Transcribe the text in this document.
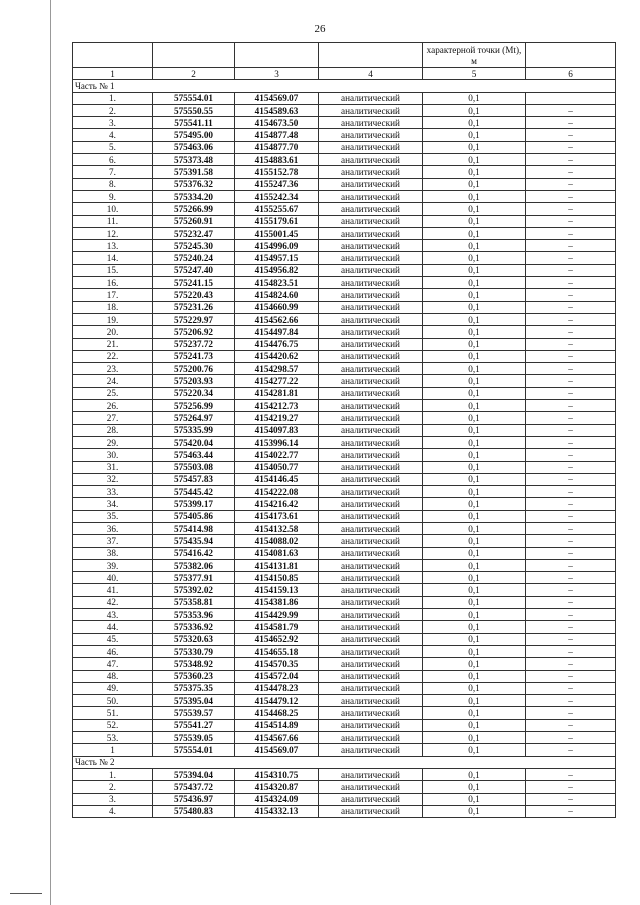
26
				характерной точки (Mt), м	
1	2	3	4	5	6
Часть № 1					
1.	575554.01	4154569.07	аналитический	0,1	
2.	575550.55	4154589.63	аналитический	0,1	–
3.	575541.11	4154673.50	аналитический	0,1	–
4.	575495.00	4154877.48	аналитический	0,1	–
5.	575463.06	4154877.70	аналитический	0,1	–
6.	575373.48	4154883.61	аналитический	0,1	–
7.	575391.58	4155152.78	аналитический	0,1	–
8.	575376.32	4155247.36	аналитический	0,1	–
9.	575334.20	4155242.34	аналитический	0,1	–
10.	575266.99	4155255.67	аналитический	0,1	–
11.	575260.91	4155179.61	аналитический	0,1	–
12.	575232.47	4155001.45	аналитический	0,1	–
13.	575245.30	4154996.09	аналитический	0,1	–
14.	575240.24	4154957.15	аналитический	0,1	–
15.	575247.40	4154956.82	аналитический	0,1	–
16.	575241.15	4154823.51	аналитический	0,1	–
17.	575220.43	4154824.60	аналитический	0,1	–
18.	575231.26	4154660.99	аналитический	0,1	–
19.	575229.97	4154562.66	аналитический	0,1	–
20.	575206.92	4154497.84	аналитический	0,1	–
21.	575237.72	4154476.75	аналитический	0,1	–
22.	575241.73	4154420.62	аналитический	0,1	–
23.	575200.76	4154298.57	аналитический	0,1	–
24.	575203.93	4154277.22	аналитический	0,1	–
25.	575220.34	4154281.81	аналитический	0,1	–
26.	575256.99	4154212.73	аналитический	0,1	–
27.	575264.97	4154219.27	аналитический	0,1	–
28.	575335.99	4154097.83	аналитический	0,1	–
29.	575420.04	4153996.14	аналитический	0,1	–
30.	575463.44	4154022.77	аналитический	0,1	–
31.	575503.08	4154050.77	аналитический	0,1	–
32.	575457.83	4154146.45	аналитический	0,1	–
33.	575445.42	4154222.08	аналитический	0,1	–
34.	575399.17	4154216.42	аналитический	0,1	–
35.	575405.86	4154173.61	аналитический	0,1	–
36.	575414.98	4154132.58	аналитический	0,1	–
37.	575435.94	4154088.02	аналитический	0,1	–
38.	575416.42	4154081.63	аналитический	0,1	–
39.	575382.06	4154131.81	аналитический	0,1	–
40.	575377.91	4154150.85	аналитический	0,1	–
41.	575392.02	4154159.13	аналитический	0,1	–
42.	575358.81	4154381.86	аналитический	0,1	–
43.	575353.96	4154429.99	аналитический	0,1	–
44.	575336.92	4154581.79	аналитический	0,1	–
45.	575320.63	4154652.92	аналитический	0,1	–
46.	575330.79	4154655.18	аналитический	0,1	–
47.	575348.92	4154570.35	аналитический	0,1	–
48.	575360.23	4154572.04	аналитический	0,1	–
49.	575375.35	4154478.23	аналитический	0,1	–
50.	575395.04	4154479.12	аналитический	0,1	–
51.	575539.57	4154468.25	аналитический	0,1	–
52.	575541.27	4154514.89	аналитический	0,1	–
53.	575539.05	4154567.66	аналитический	0,1	–
1	575554.01	4154569.07	аналитический	0,1	–
Часть № 2					
1.	575394.04	4154310.75	аналитический	0,1	–
2.	575437.72	4154320.87	аналитический	0,1	–
3.	575436.97	4154324.09	аналитический	0,1	–
4.	575480.83	4154332.13	аналитический	0,1	–
